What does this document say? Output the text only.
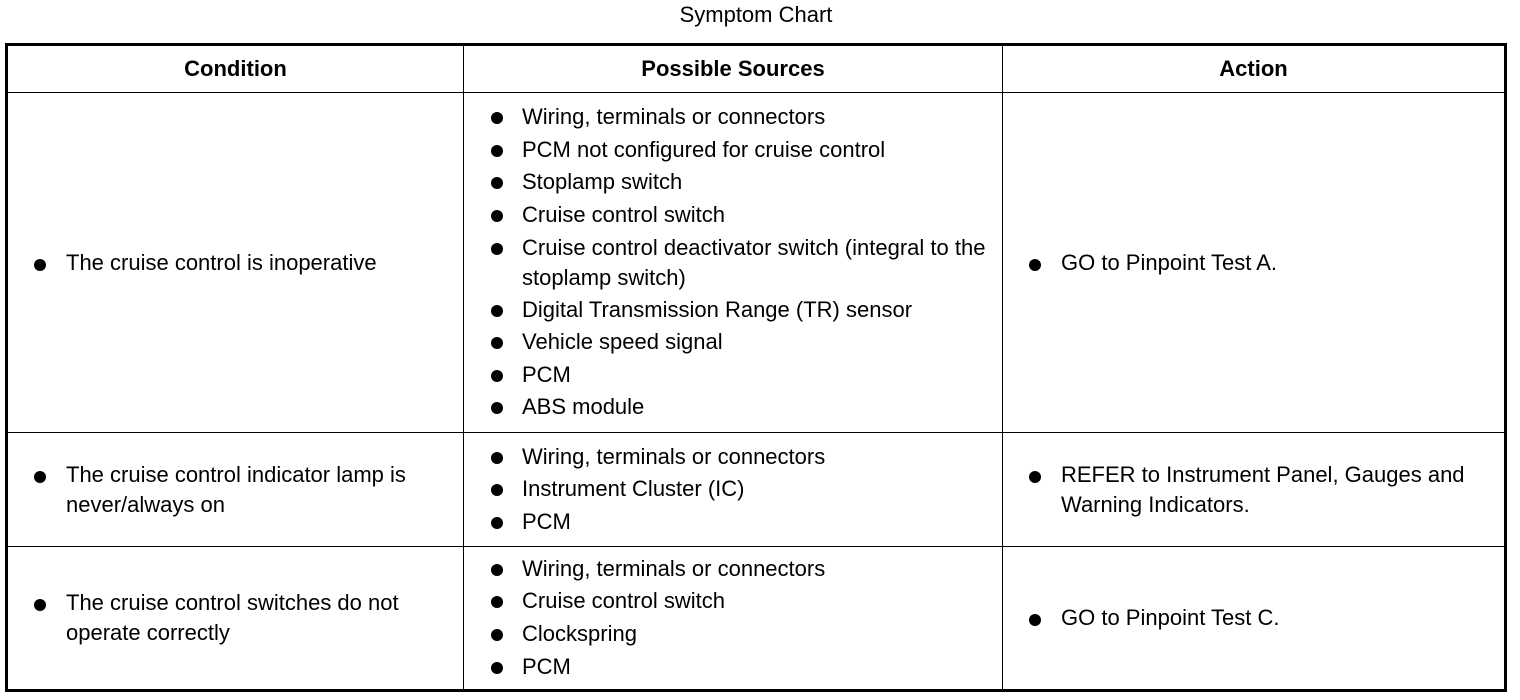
Symptom Chart
Condition	Possible Sources	Action
The cruise control is inoperative
Wiring, terminals or connectors
PCM not configured for cruise control
Stoplamp switch
Cruise control switch
Cruise control deactivator switch (integral to the stoplamp switch)
Digital Transmission Range (TR) sensor
Vehicle speed signal
PCM
ABS module
GO to Pinpoint Test A.
The cruise control indicator lamp is never/always on
Wiring, terminals or connectors
Instrument Cluster (IC)
PCM
REFER to Instrument Panel, Gauges and Warning Indicators.
The cruise control switches do not operate correctly
Wiring, terminals or connectors
Cruise control switch
Clockspring
PCM
GO to Pinpoint Test C.
